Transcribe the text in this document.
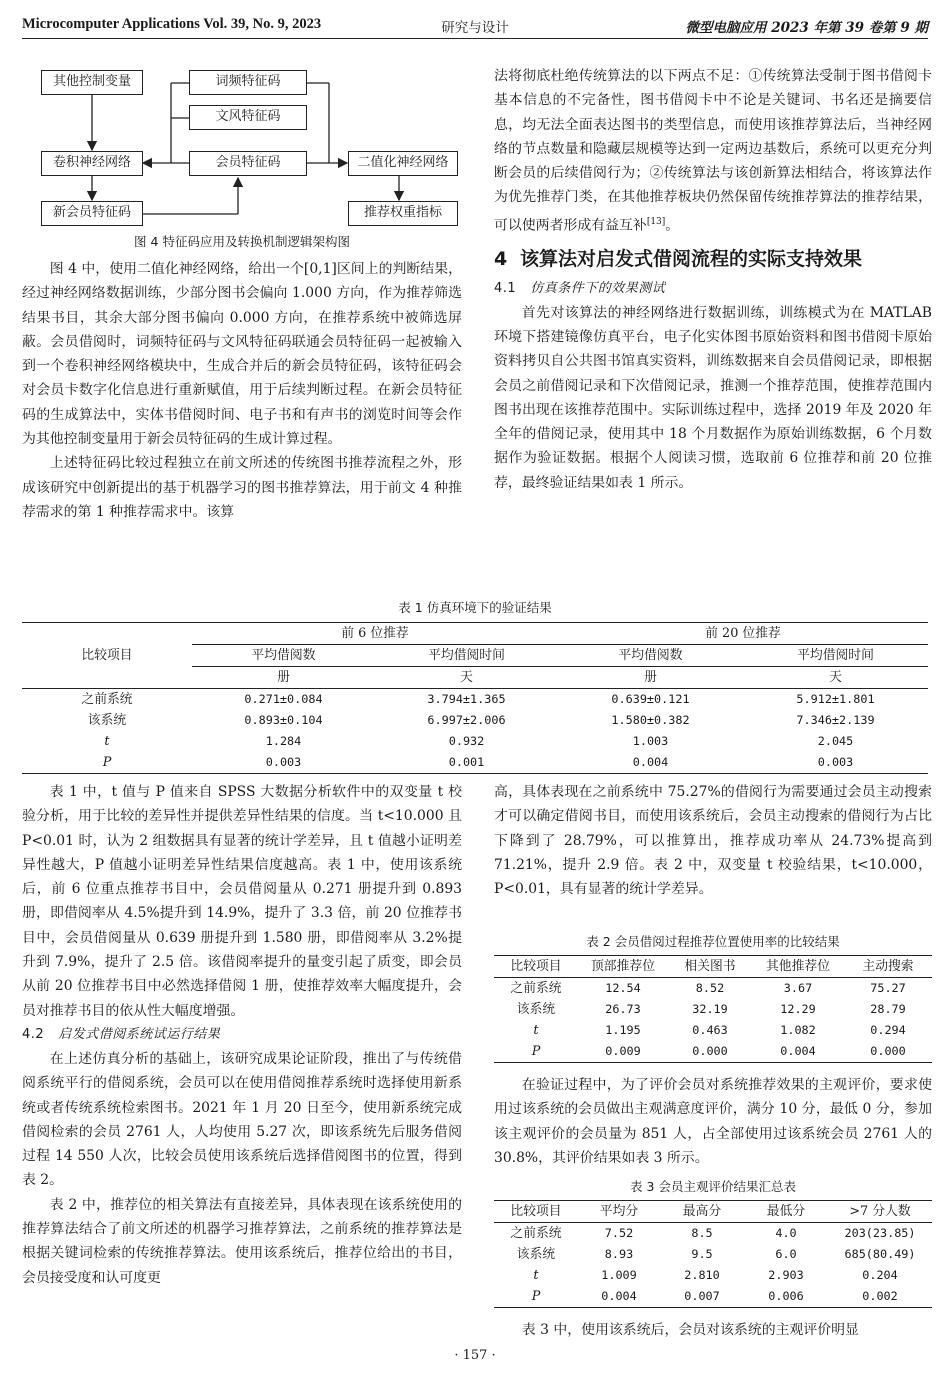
Microcomputer Applications Vol. 39, No. 9, 2023	研究与设计	微型电脑应用 2023 年第 39 卷第 9 期
其他控制变量	词频特征码
文风特征码
卷积神经网络	会员特征码	二值化神经网络
新会员特征码	推荐权重指标
图 4 特征码应用及转换机制逻辑架构图

图 4 中，使用二值化神经网络，给出一个[0,1]区间上的判断结果，经过神经网络数据训练，少部分图书会偏向 1.000 方向，作为推荐筛选结果书目，其余大部分图书偏向 0.000 方向，在推荐系统中被筛选屏蔽。会员借阅时，词频特征码与文风特征码联通会员特征码一起被输入到一个卷积神经网络模块中，生成合并后的新会员特征码，该特征码会对会员卡数字化信息进行重新赋值，用于后续判断过程。在新会员特征码的生成算法中，实体书借阅时间、电子书和有声书的浏览时间等会作为其他控制变量用于新会员特征码的生成计算过程。

上述特征码比较过程独立在前文所述的传统图书推荐流程之外，形成该研究中创新提出的基于机器学习的图书推荐算法，用于前文 4 种推荐需求的第 1 种推荐需求中。该算

法将彻底杜绝传统算法的以下两点不足：①传统算法受制于图书借阅卡基本信息的不完备性，图书借阅卡中不论是关键词、书名还是摘要信息，均无法全面表达图书的类型信息，而使用该推荐算法后，当神经网络的节点数量和隐藏层规模等达到一定两边基数后，系统可以更充分判断会员的后续借阅行为；②传统算法与该创新算法相结合，将该算法作为优先推荐门类，在其他推荐板块仍然保留传统推荐算法的推荐结果，可以使两者形成有益互补[13]。

4 该算法对启发式借阅流程的实际支持效果
4.1 仿真条件下的效果测试

首先对该算法的神经网络进行数据训练，训练模式为在 MATLAB 环境下搭建镜像仿真平台，电子化实体图书原始资料和图书借阅卡原始资料拷贝自公共图书馆真实资料，训练数据来自会员借阅记录，即根据会员之前借阅记录和下次借阅记录，推测一个推荐范围，使推荐范围内图书出现在该推荐范围中。实际训练过程中，选择 2019 年及 2020 年全年的借阅记录，使用其中 18 个月数据作为原始训练数据，6 个月数据作为验证数据。根据个人阅读习惯，选取前 6 位推荐和前 20 位推荐，最终验证结果如表 1 所示。

表 1 仿真环境下的验证结果
比较项目	前 6 位推荐		前 20 位推荐	
	平均借阅数	平均借阅时间	平均借阅数	平均借阅时间
	册	天	册	天
之前系统	0.271±0.084	3.794±1.365	0.639±0.121	5.912±1.801
该系统	0.893±0.104	6.997±2.006	1.580±0.382	7.346±2.139
t	1.284	0.932	1.003	2.045
P	0.003	0.001	0.004	0.003

表 1 中，t 值与 P 值来自 SPSS 大数据分析软件中的双变量 t 校验分析，用于比较的差异性并提供差异性结果的信度。当 t<10.000 且 P<0.01 时，认为 2 组数据具有显著的统计学差异，且 t 值越小证明差异性越大，P 值越小证明差异性结果信度越高。表 1 中，使用该系统后，前 6 位重点推荐书目中，会员借阅量从 0.271 册提升到 0.893 册，即借阅率从 4.5%提升到 14.9%，提升了 3.3 倍，前 20 位推荐书目中，会员借阅量从 0.639 册提升到 1.580 册，即借阅率从 3.2%提升到 7.9%，提升了 2.5 倍。该借阅率提升的量变引起了质变，即会员从前 20 位推荐书目中必然选择借阅 1 册，使推荐效率大幅度提升，会员对推荐书目的依从性大幅度增强。

4.2 启发式借阅系统试运行结果

在上述仿真分析的基础上，该研究成果论证阶段，推出了与传统借阅系统平行的借阅系统，会员可以在使用借阅推荐系统时选择使用新系统或者传统系统检索图书。2021 年 1 月 20 日至今，使用新系统完成借阅检索的会员 2761 人，人均使用 5.27 次，即该系统先后服务借阅过程 14 550 人次，比较会员使用该系统后选择借阅图书的位置，得到表 2。

表 2 中，推荐位的相关算法有直接差异，具体表现在该系统使用的推荐算法结合了前文所述的机器学习推荐算法，之前系统的推荐算法是根据关键词检索的传统推荐算法。使用该系统后，推荐位给出的书目，会员接受度和认可度更

高，具体表现在之前系统中 75.27%的借阅行为需要通过会员主动搜索才可以确定借阅书目，而使用该系统后，会员主动搜索的借阅行为占比下降到了 28.79%，可以推算出，推荐成功率从 24.73%提高到 71.21%，提升 2.9 倍。表 2 中，双变量 t 校验结果，t<10.000，P<0.01，具有显著的统计学差异。

表 2 会员借阅过程推荐位置使用率的比较结果
比较项目	顶部推荐位	相关图书	其他推荐位	主动搜索
之前系统	12.54	8.52	3.67	75.27
该系统	26.73	32.19	12.29	28.79
t	1.195	0.463	1.082	0.294
P	0.009	0.000	0.004	0.000

在验证过程中，为了评价会员对系统推荐效果的主观评价，要求使用过该系统的会员做出主观满意度评价，满分 10 分，最低 0 分，参加该主观评价的会员量为 851 人，占全部使用过该系统会员 2761 人的 30.8%，其评价结果如表 3 所示。

表 3 会员主观评价结果汇总表
比较项目	平均分	最高分	最低分	>7 分人数
之前系统	7.52	8.5	4.0	203(23.85)
该系统	8.93	9.5	6.0	685(80.49)
t	1.009	2.810	2.903	0.204
P	0.004	0.007	0.006	0.002

表 3 中，使用该系统后，会员对该系统的主观评价明显

· 157 ·
